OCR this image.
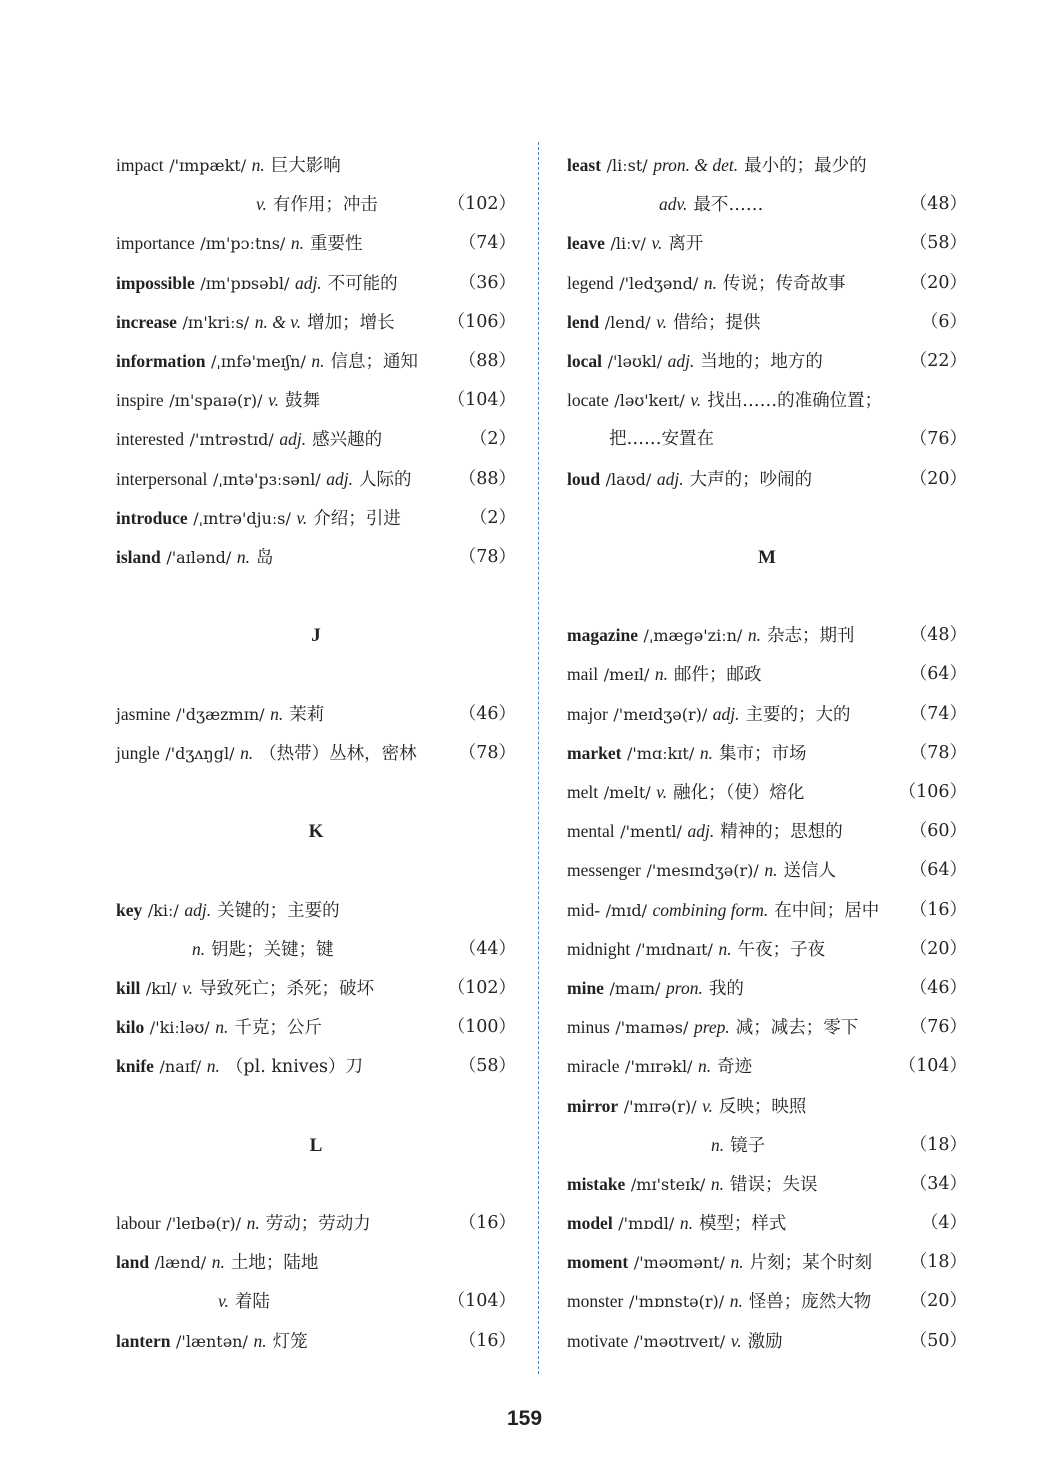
impact /'ɪmpækt/ n. 巨大影响
v. 有作用；冲击	（102）
importance /ɪm'pɔːtns/ n. 重要性	（74）
impossible /ɪm'pɒsəbl/ adj. 不可能的	（36）
increase /ɪn'kriːs/ n. & v. 增加；增长	（106）
information /ˌɪnfə'meɪʃn/ n. 信息；通知 （88）
inspire /ɪn'spaɪə(r)/ v. 鼓舞	（104）
interested /'ɪntrəstɪd/ adj. 感兴趣的	（2）
interpersonal /ˌɪntə'pɜːsənl/ adj. 人际的	（88）
introduce /ˌɪntrə'djuːs/ v. 介绍；引进	（2）
island /'aɪlənd/ n. 岛	（78）
J
jasmine /'dʒæzmɪn/ n. 茉莉	（46）
jungle /'dʒʌŋgl/ n. （热带）丛林，密林 （78）
K
key /kiː/ adj. 关键的；主要的
n. 钥匙；关键；键	（44）
kill /kɪl/ v. 导致死亡；杀死；破坏	（102）
kilo /'kiːləʊ/ n. 千克；公斤	（100）
knife /naɪf/ n. （pl. knives）刀	（58）
L
labour /'leɪbə(r)/ n. 劳动；劳动力	（16）
land /lænd/ n. 土地；陆地
v. 着陆	（104）
lantern /'læntən/ n. 灯笼	（16）
least /liːst/ pron. & det. 最小的；最少的
adv. 最不……	（48）
leave /liːv/ v. 离开	（58）
legend /'ledʒənd/ n. 传说；传奇故事	（20）
lend /lend/ v. 借给；提供	（6）
local /'ləʊkl/ adj. 当地的；地方的	（22）
locate /ləʊ'keɪt/ v. 找出……的准确位置；
把……安置在	（76）
loud /laʊd/ adj. 大声的；吵闹的	（20）
M
magazine /ˌmægə'ziːn/ n. 杂志；期刊	（48）
mail /meɪl/ n. 邮件；邮政	（64）
major /'meɪdʒə(r)/ adj. 主要的；大的	（74）
market /'mɑːkɪt/ n. 集市；市场	（78）
melt /melt/ v. 融化；（使）熔化	（106）
mental /'mentl/ adj. 精神的；思想的	（60）
messenger /'mesɪndʒə(r)/ n. 送信人	（64）
mid- /mɪd/ combining form. 在中间；居中 （16）
midnight /'mɪdnaɪt/ n. 午夜；子夜	（20）
mine /maɪn/ pron. 我的	（46）
minus /'maɪnəs/ prep. 减；减去；零下	（76）
miracle /'mɪrəkl/ n. 奇迹	（104）
mirror /'mɪrə(r)/ v. 反映；映照
n. 镜子	（18）
mistake /mɪ'steɪk/ n. 错误；失误	（34）
model /'mɒdl/ n. 模型；样式	（4）
moment /'məʊmənt/ n. 片刻；某个时刻 （18）
monster /'mɒnstə(r)/ n. 怪兽；庞然大物 （20）
motivate /'məʊtɪveɪt/ v. 激励	（50）
159
